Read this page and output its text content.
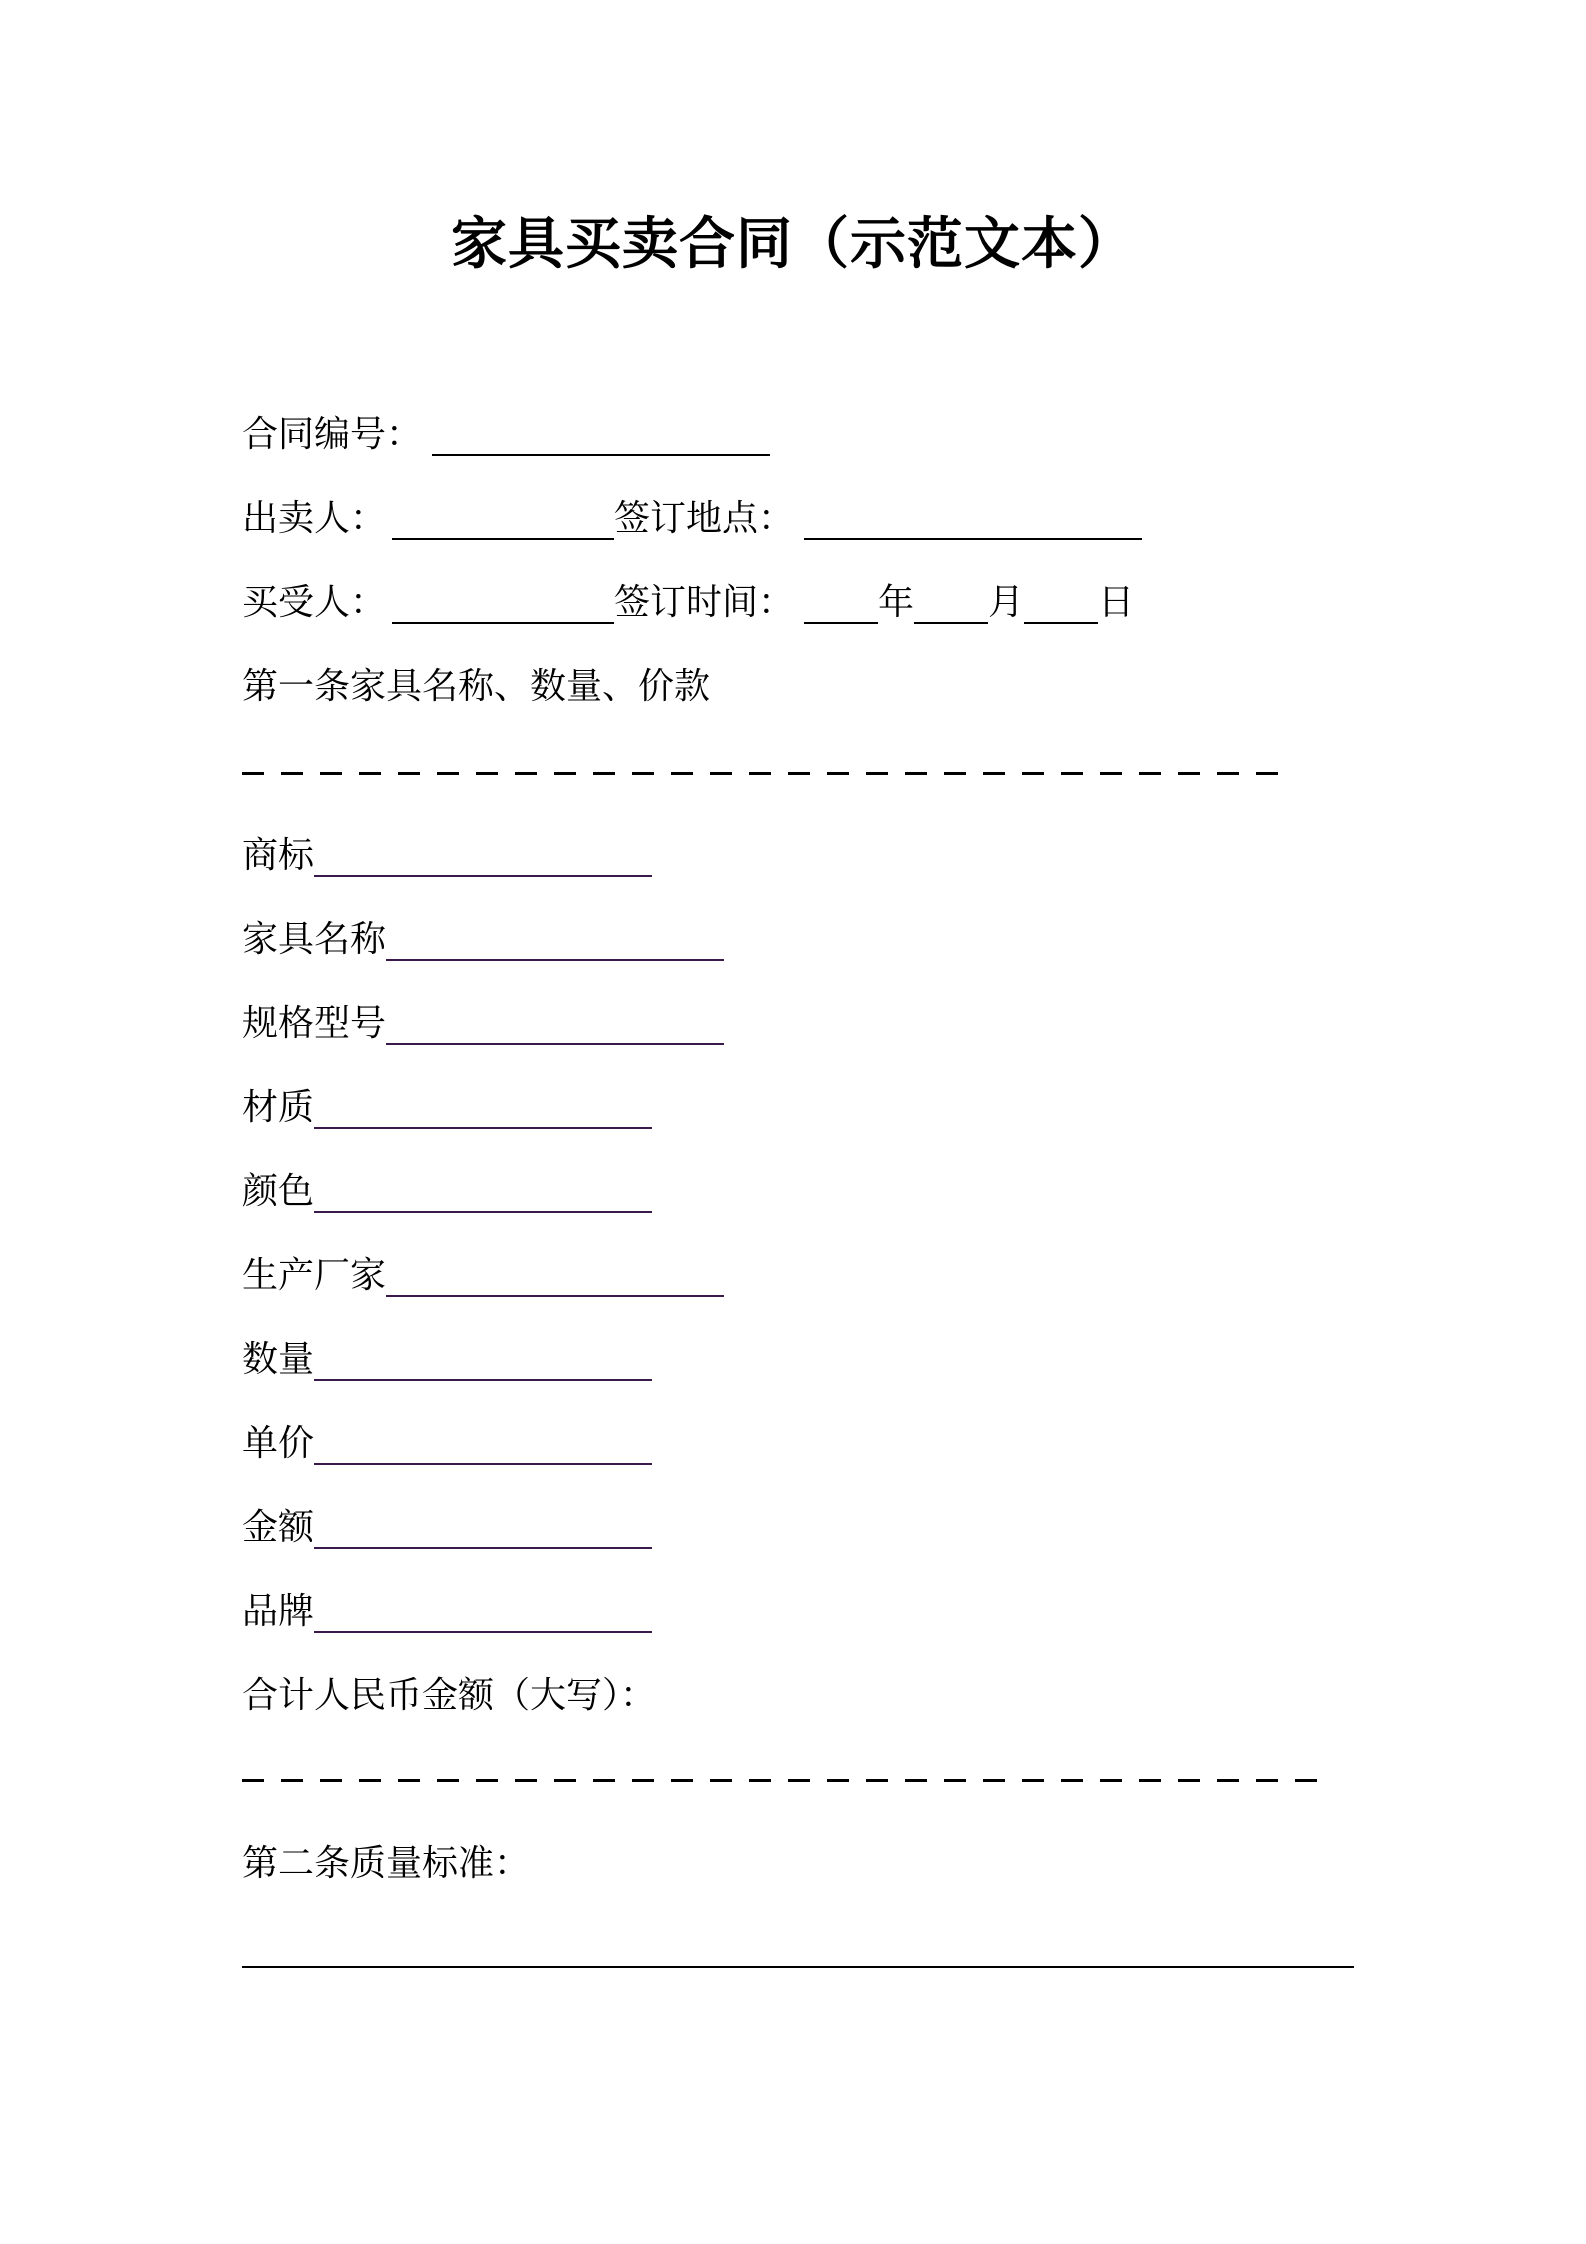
家具买卖合同（示范文本）
合同编号：
出卖人：	签订地点：
买受人：	签订时间： 年 月 日
第一条家具名称、数量、价款
商标
家具名称
规格型号
材质
颜色
生产厂家
数量
单价
金额
品牌
合计人民币金额（大写）：
第二条质量标准：
